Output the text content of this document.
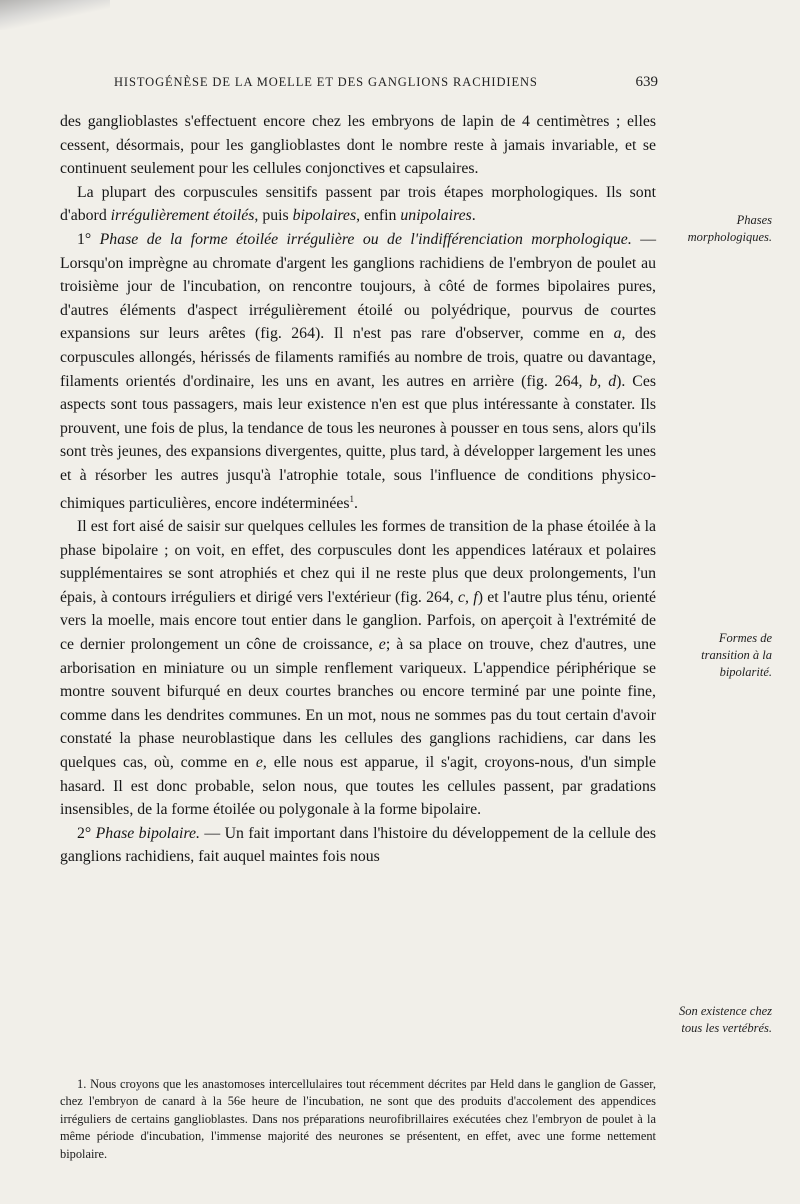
HISTOGÉNÈSE DE LA MOELLE ET DES GANGLIONS RACHIDIENS	639

des ganglioblastes s'effectuent encore chez les embryons de lapin de 4 centimètres ; elles cessent, désormais, pour les ganglioblastes dont le nombre reste à jamais invariable, et se continuent seulement pour les cellules conjonctives et capsulaires.

La plupart des corpuscules sensitifs passent par trois étapes morphologiques. Ils sont d'abord irrégulièrement étoilés, puis bipolaires, enfin unipolaires.

1° Phase de la forme étoilée irrégulière ou de l'indifférenciation morphologique. — Lorsqu'on imprègne au chromate d'argent les ganglions rachidiens de l'embryon de poulet au troisième jour de l'incubation, on rencontre toujours, à côté de formes bipolaires pures, d'autres éléments d'aspect irrégulièrement étoilé ou polyédrique, pourvus de courtes expansions sur leurs arêtes (fig. 264). Il n'est pas rare d'observer, comme en a, des corpuscules allongés, hérissés de filaments ramifiés au nombre de trois, quatre ou davantage, filaments orientés d'ordinaire, les uns en avant, les autres en arrière (fig. 264, b, d). Ces aspects sont tous passagers, mais leur existence n'en est que plus intéressante à constater. Ils prouvent, une fois de plus, la tendance de tous les neurones à pousser en tous sens, alors qu'ils sont très jeunes, des expansions divergentes, quitte, plus tard, à développer largement les unes et à résorber les autres jusqu'à l'atrophie totale, sous l'influence de conditions physico-chimiques particulières, encore indéterminées$^1$.

Il est fort aisé de saisir sur quelques cellules les formes de transition de la phase étoilée à la phase bipolaire ; on voit, en effet, des corpuscules dont les appendices latéraux et polaires supplémentaires se sont atrophiés et chez qui il ne reste plus que deux prolongements, l'un épais, à contours irréguliers et dirigé vers l'extérieur (fig. 264, c, f) et l'autre plus ténu, orienté vers la moelle, mais encore tout entier dans le ganglion. Parfois, on aperçoit à l'extrémité de ce dernier prolongement un cône de croissance, e; à sa place on trouve, chez d'autres, une arborisation en miniature ou un simple renflement variqueux. L'appendice périphérique se montre souvent bifurqué en deux courtes branches ou encore terminé par une pointe fine, comme dans les dendrites communes. En un mot, nous ne sommes pas du tout certain d'avoir constaté la phase neuroblastique dans les cellules des ganglions rachidiens, car dans les quelques cas, où, comme en e, elle nous est apparue, il s'agit, croyons-nous, d'un simple hasard. Il est donc probable, selon nous, que toutes les cellules passent, par gradations insensibles, de la forme étoilée ou polygonale à la forme bipolaire.

2° Phase bipolaire. — Un fait important dans l'histoire du développement de la cellule des ganglions rachidiens, fait auquel maintes fois nous

Phases morphologiques.
Formes de transition à la bipolarité.
Son existence chez tous les vertébrés.
1. Nous croyons que les anastomoses intercellulaires tout récemment décrites par Held dans le ganglion de Gasser, chez l'embryon de canard à la 56e heure de l'incubation, ne sont que des produits d'accolement des appendices irréguliers de certains ganglioblastes. Dans nos préparations neurofibrillaires exécutées chez l'embryon de poulet à la même période d'incubation, l'immense majorité des neurones se présentent, en effet, avec une forme nettement bipolaire.
